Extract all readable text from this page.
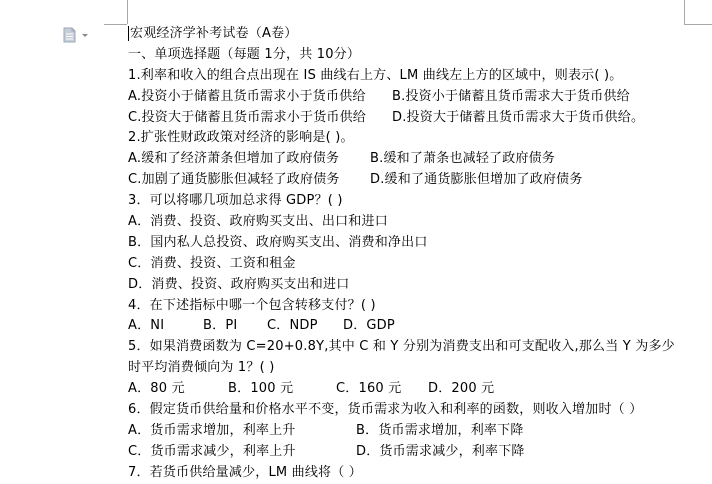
宏观经济学补考试卷（A卷）
一、单项选择题（每题 1分，共 10分）
1.利率和收入的组合点出现在 IS 曲线右上方、LM 曲线左上方的区域中，则表示( )。
A.投资小于储蓄且货币需求小于货币供给	B.投资小于储蓄且货币需求大于货币供给
C.投资大于储蓄且货币需求小于货币供给	D.投资大于储蓄且货币需求大于货币供给。
2.扩张性财政政策对经济的影响是( )。
A.缓和了经济萧条但增加了政府债务	B.缓和了萧条也减轻了政府债务
C.加剧了通货膨胀但减轻了政府债务	D.缓和了通货膨胀但增加了政府债务
3．可以将哪几项加总求得 GDP？( )
A．消费、投资、政府购买支出、出口和进口
B．国内私人总投资、政府购买支出、消费和净出口
C．消费、投资、工资和租金
D．消费、投资、政府购买支出和进口
4．在下述指标中哪一个包含转移支付？( )
A．NI	B．PI	C．NDP	D．GDP
5．如果消费函数为 C=20+0.8Y,其中 C 和 Y 分别为消费支出和可支配收入,那么当 Y 为多少
时平均消费倾向为 1？( )
A．80 元	B．100 元	C．160 元	D．200 元
6．假定货币供给量和价格水平不变，货币需求为收入和利率的函数，则收入增加时（ ）
A．货币需求增加，利率上升	B．货币需求增加，利率下降
C．货币需求减少，利率上升	D．货币需求减少，利率下降
7．若货币供给量减少，LM 曲线将（ ）
